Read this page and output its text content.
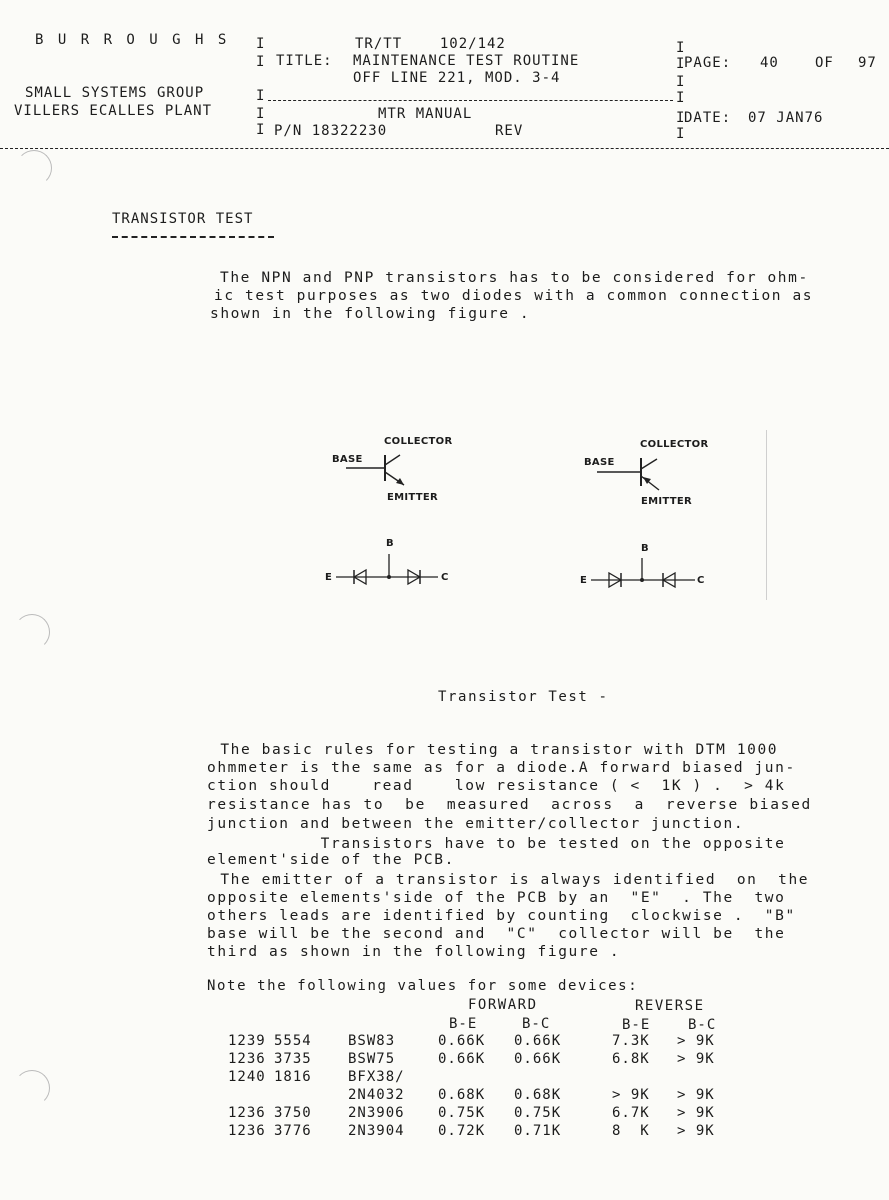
B U R R O U G H S
SMALL SYSTEMS GROUP
VILLERS ECALLES PLANT
I
I
I
I
I
TR/TT    102/142
TITLE: MAINTENANCE TEST ROUTINE
OFF LINE 221, MOD. 3-4
MTR MANUAL
P/N 18322230	REV
I
I
I
I
I
I
PAGE: 40	OF 97
DATE: 07 JAN76
TRANSISTOR TEST
The NPN and PNP transistors has to be considered for ohm-
ic test purposes as two diodes with a common connection as
shown in the following figure .
COLLECTOR
BASE
EMITTER
COLLECTOR
BASE
EMITTER
B
E	C
B
E	C
Transistor Test -
The basic rules for testing a transistor with DTM 1000
ohmmeter is the same as for a diode.A forward biased jun-
ction should    read    low resistance ( <  1K ) .  > 4k
resistance has to  be  measured  across  a  reverse biased
junction and between the emitter/collector junction.
Transistors have to be tested on the opposite
element'side of the PCB.
The emitter of a transistor is always identified  on  the
opposite elements'side of the PCB by an  "E"  . The  two
others leads are identified by counting  clockwise .  "B"
base will be the second and  "C"  collector will be  the
third as shown in the following figure .
Note the following values for some devices:
FORWARD	REVERSE
B-E	B-C	B-E	B-C
1239	5554	BSW83	0.66K	0.66K	7.3K	> 9K
1236	3735	BSW75	0.66K	0.66K	6.8K	> 9K
1240	1816	BFX38/				
		2N4032	0.68K	0.68K	> 9K	> 9K
1236	3750	2N3906	0.75K	0.75K	6.7K	> 9K
1236	3776	2N3904	0.72K	0.71K	8  K	> 9K
